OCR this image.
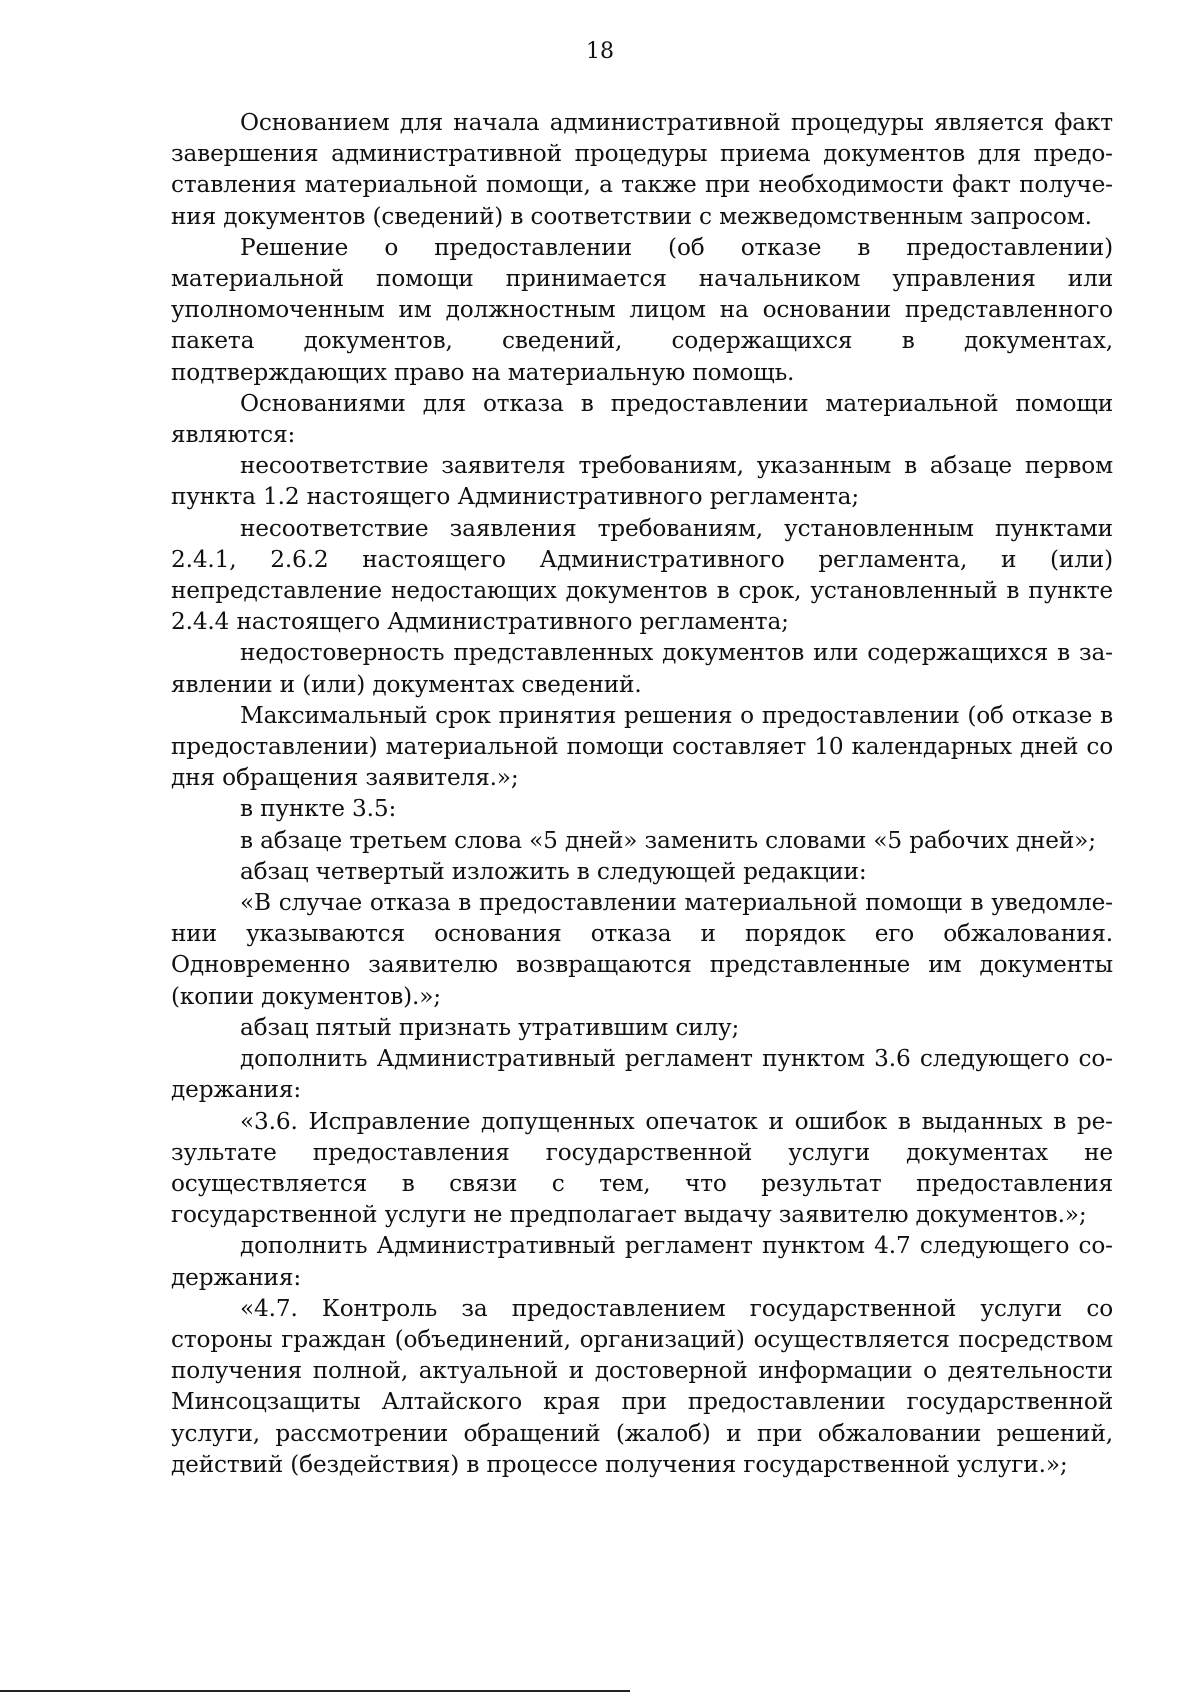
18

Основанием для начала административной процедуры является факт завершения административной процедуры приема документов для предоставления материальной помощи, а также при необходимости факт получения документов (сведений) в соответствии с межведомственным запросом.

Решение о предоставлении (об отказе в предоставлении) материальной помощи принимается начальником управления или уполномоченным им должностным лицом на основании представленного пакета документов, сведений, содержащихся в документах, подтверждающих право на материальную помощь.

Основаниями для отказа в предоставлении материальной помощи являются:

несоответствие заявителя требованиям, указанным в абзаце первом пункта 1.2 настоящего Административного регламента;

несоответствие заявления требованиям, установленным пунктами 2.4.1, 2.6.2 настоящего Административного регламента, и (или) непредставление недостающих документов в срок, установленный в пункте 2.4.4 настоящего Административного регламента;

недостоверность представленных документов или содержащихся в заявлении и (или) документах сведений.

Максимальный срок принятия решения о предоставлении (об отказе в предоставлении) материальной помощи составляет 10 календарных дней со дня обращения заявителя.»;

в пункте 3.5:

в абзаце третьем слова «5 дней» заменить словами «5 рабочих дней»;

абзац четвертый изложить в следующей редакции:

«В случае отказа в предоставлении материальной помощи в уведомлении указываются основания отказа и порядок его обжалования. Одновременно заявителю возвращаются представленные им документы (копии документов).»;

абзац пятый признать утратившим силу;

дополнить Административный регламент пунктом 3.6 следующего содержания:

«3.6. Исправление допущенных опечаток и ошибок в выданных в результате предоставления государственной услуги документах не осуществляется в связи с тем, что результат предоставления государственной услуги не предполагает выдачу заявителю документов.»;

дополнить Административный регламент пунктом 4.7 следующего содержания:

«4.7. Контроль за предоставлением государственной услуги со стороны граждан (объединений, организаций) осуществляется посредством получения полной, актуальной и достоверной информации о деятельности Минсоцзащиты Алтайского края при предоставлении государственной услуги, рассмотрении обращений (жалоб) и при обжаловании решений, действий (бездействия) в процессе получения государственной услуги.»;
